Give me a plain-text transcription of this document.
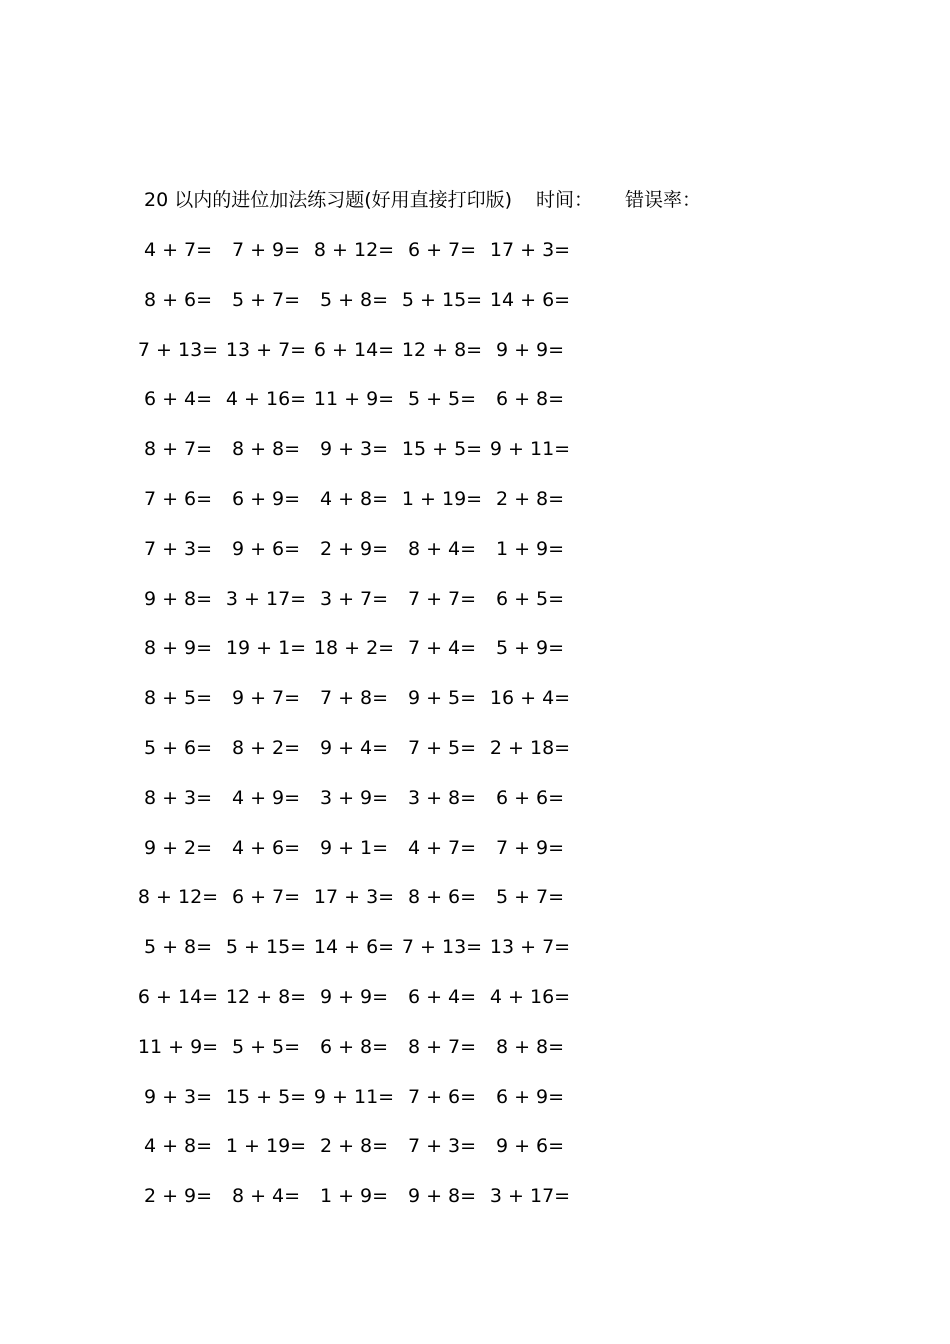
20 以内的进位加法练习题(好用直接打印版) 时间： 错误率：
4 + 7=	7 + 9= 8 + 12= 6 + 7= 17 + 3=
8 + 6=	5 + 7=	5 + 8= 5 + 15= 14 + 6=
7 + 13= 13 + 7= 6 + 14= 12 + 8= 9 + 9=
6 + 4= 4 + 16= 11 + 9= 5 + 5=	6 + 8=
8 + 7=	8 + 8=	9 + 3= 15 + 5= 9 + 11=
7 + 6=	6 + 9=	4 + 8= 1 + 19= 2 + 8=
7 + 3=	9 + 6=	2 + 9=	8 + 4=	1 + 9=
9 + 8= 3 + 17= 3 + 7=	7 + 7=	6 + 5=
8 + 9= 19 + 1= 18 + 2= 7 + 4=	5 + 9=
8 + 5=	9 + 7=	7 + 8=	9 + 5= 16 + 4=
5 + 6=	8 + 2=	9 + 4=	7 + 5= 2 + 18=
8 + 3=	4 + 9=	3 + 9=	3 + 8=	6 + 6=
9 + 2=	4 + 6=	9 + 1=	4 + 7=	7 + 9=
8 + 12= 6 + 7= 17 + 3= 8 + 6=	5 + 7=
5 + 8= 5 + 15= 14 + 6= 7 + 13= 13 + 7=
6 + 14= 12 + 8= 9 + 9=	6 + 4= 4 + 16=
11 + 9= 5 + 5=	6 + 8=	8 + 7=	8 + 8=
9 + 3= 15 + 5= 9 + 11= 7 + 6=	6 + 9=
4 + 8= 1 + 19= 2 + 8=	7 + 3=	9 + 6=
2 + 9=	8 + 4=	1 + 9=	9 + 8= 3 + 17=
